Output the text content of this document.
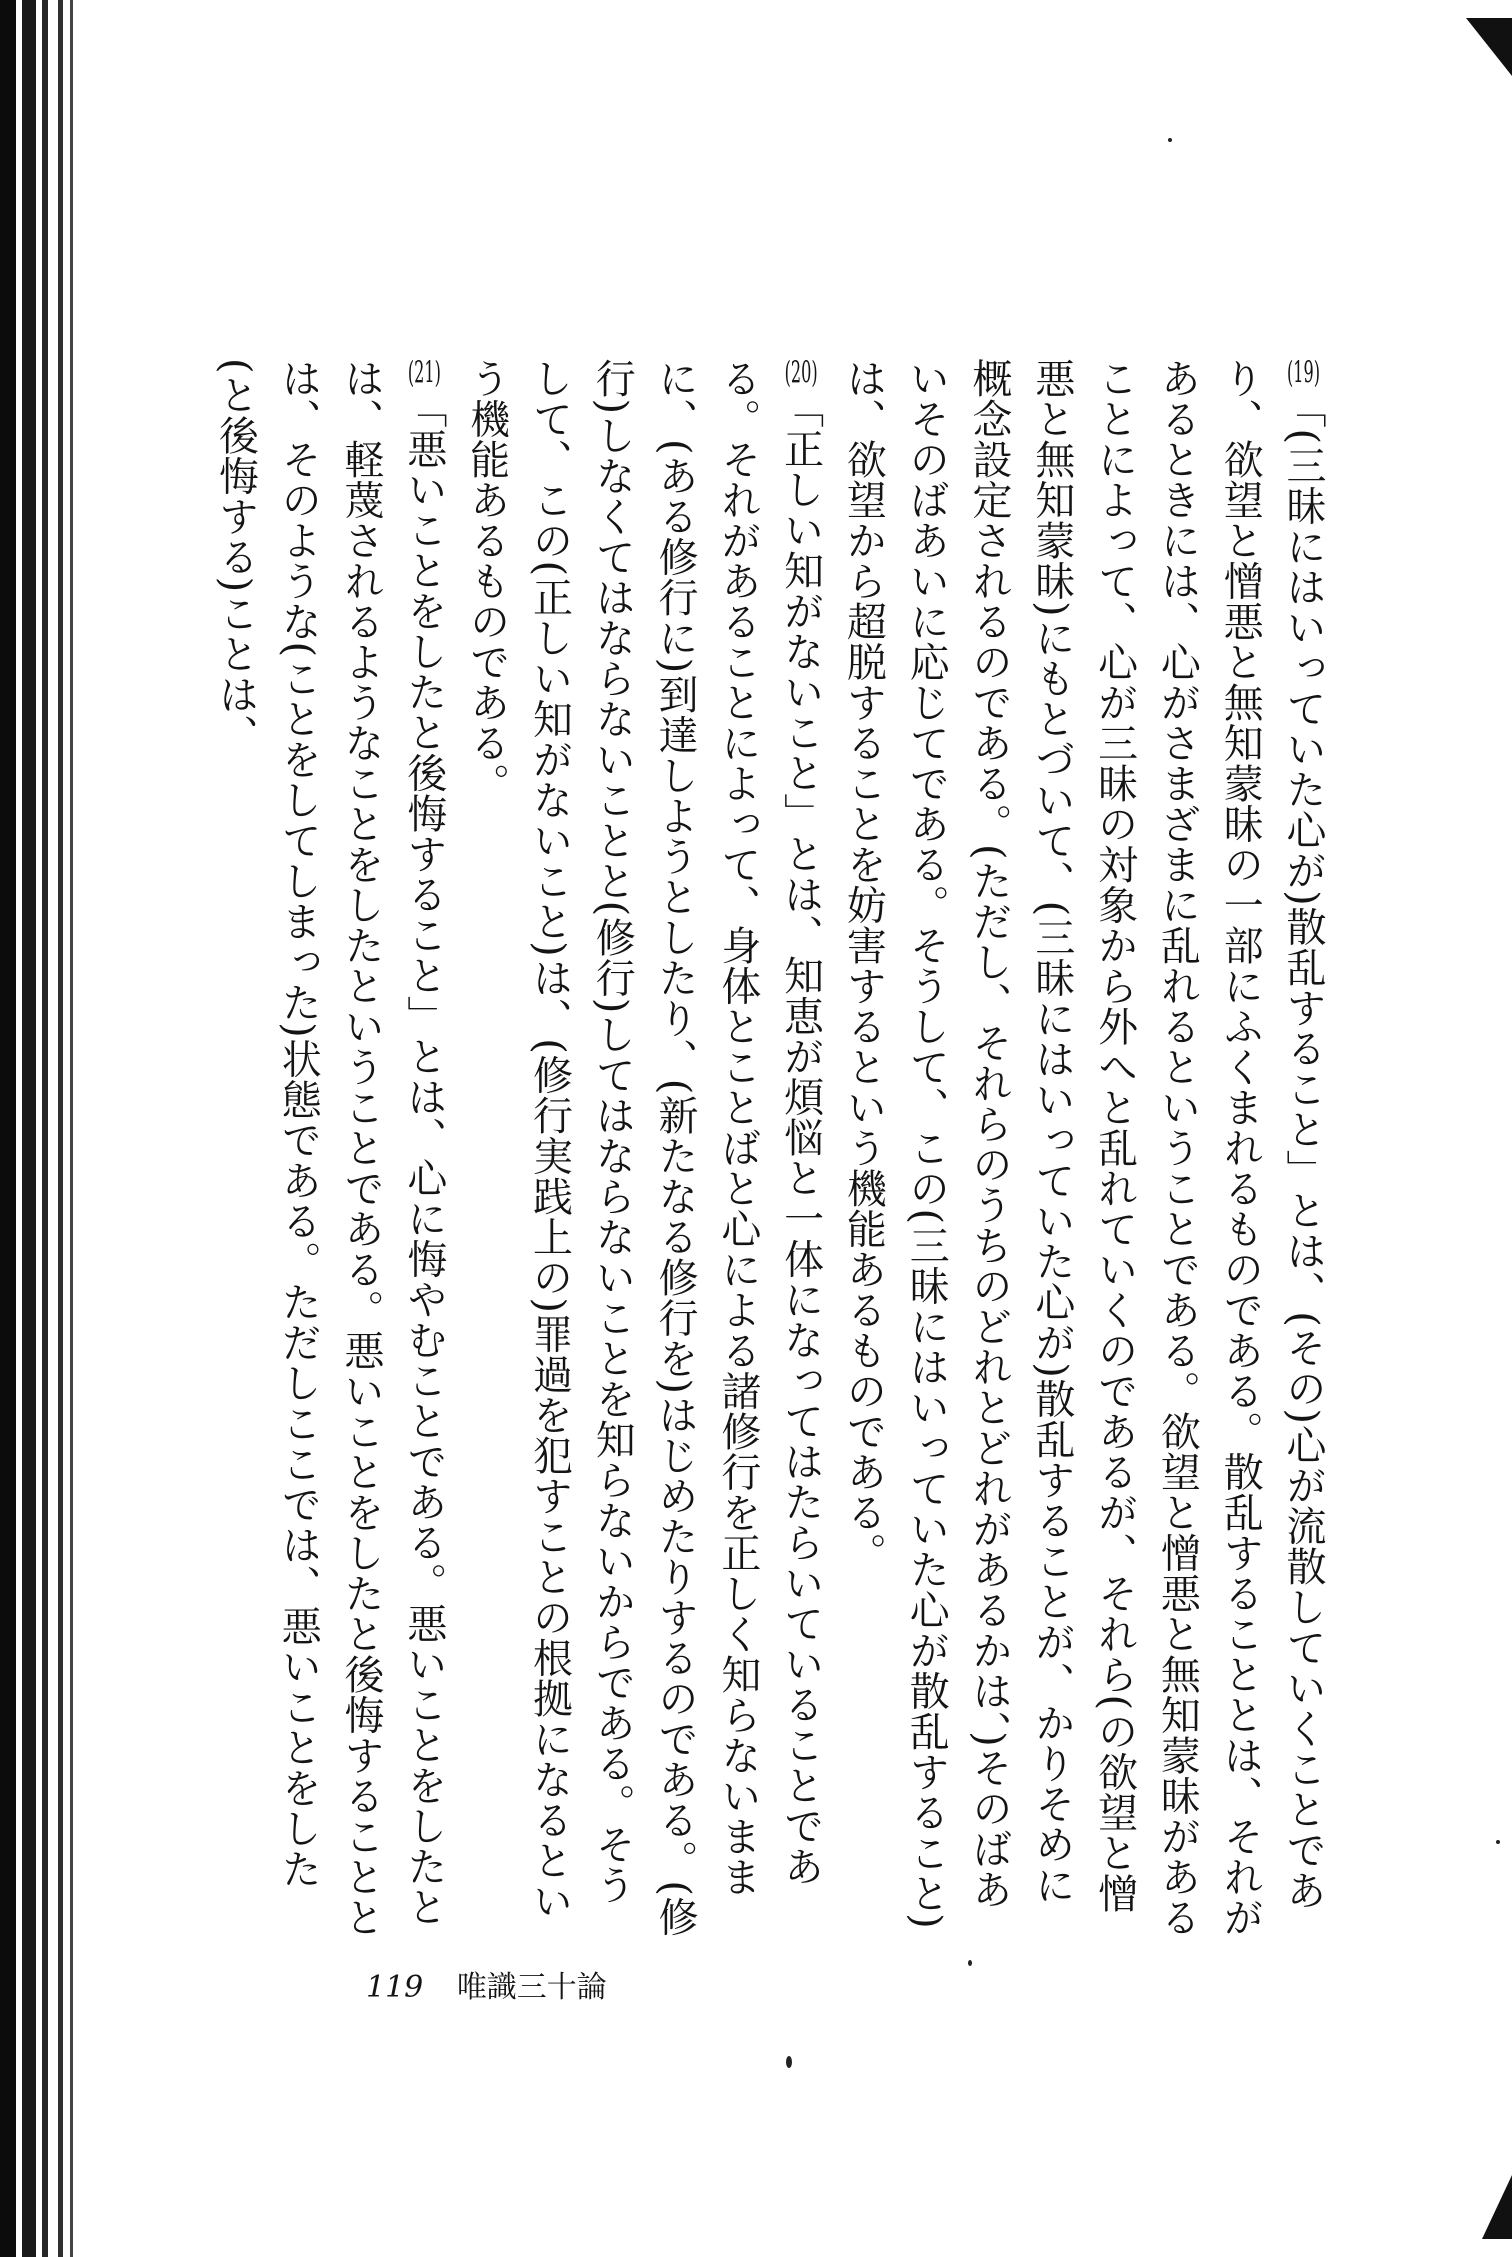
(19)「(三昧にはいっていた心が)散乱すること」とは、(その)心が流散していくことであり、欲望と憎悪と無知蒙昧の一部にふくまれるものである。散乱することとは、それがあるときには、心がさまざまに乱れるということである。欲望と憎悪と無知蒙昧があることによって、心が三昧の対象から外へと乱れていくのであるが、それら(の欲望と憎悪と無知蒙昧)にもとづいて、(三昧にはいっていた心が)散乱することが、かりそめに概念設定されるのである。(ただし、それらのうちのどれとどれがあるかは、)そのばあいそのばあいに応じてである。そうして、この(三昧にはいっていた心が散乱すること)は、欲望から超脱することを妨害するという機能あるものである。

(20)「正しい知がないこと」とは、知恵が煩悩と一体になってはたらいていることである。それがあることによって、身体とことばと心による諸修行を正しく知らないままに、(ある修行に)到達しようとしたり、(新たなる修行を)はじめたりするのである。(修行)しなくてはならないことと(修行)してはならないことを知らないからである。そうして、この(正しい知がないこと)は、(修行実践上の)罪過を犯すことの根拠になるという機能あるものである。

(21)「悪いことをしたと後悔すること」とは、心に悔やむことである。悪いことをしたとは、軽蔑されるようなことをしたということである。悪いことをしたと後悔することとは、そのような(ことをしてしまった)状態である。ただしここでは、悪いことをした(と後悔する)ことは、

119 唯識三十論
